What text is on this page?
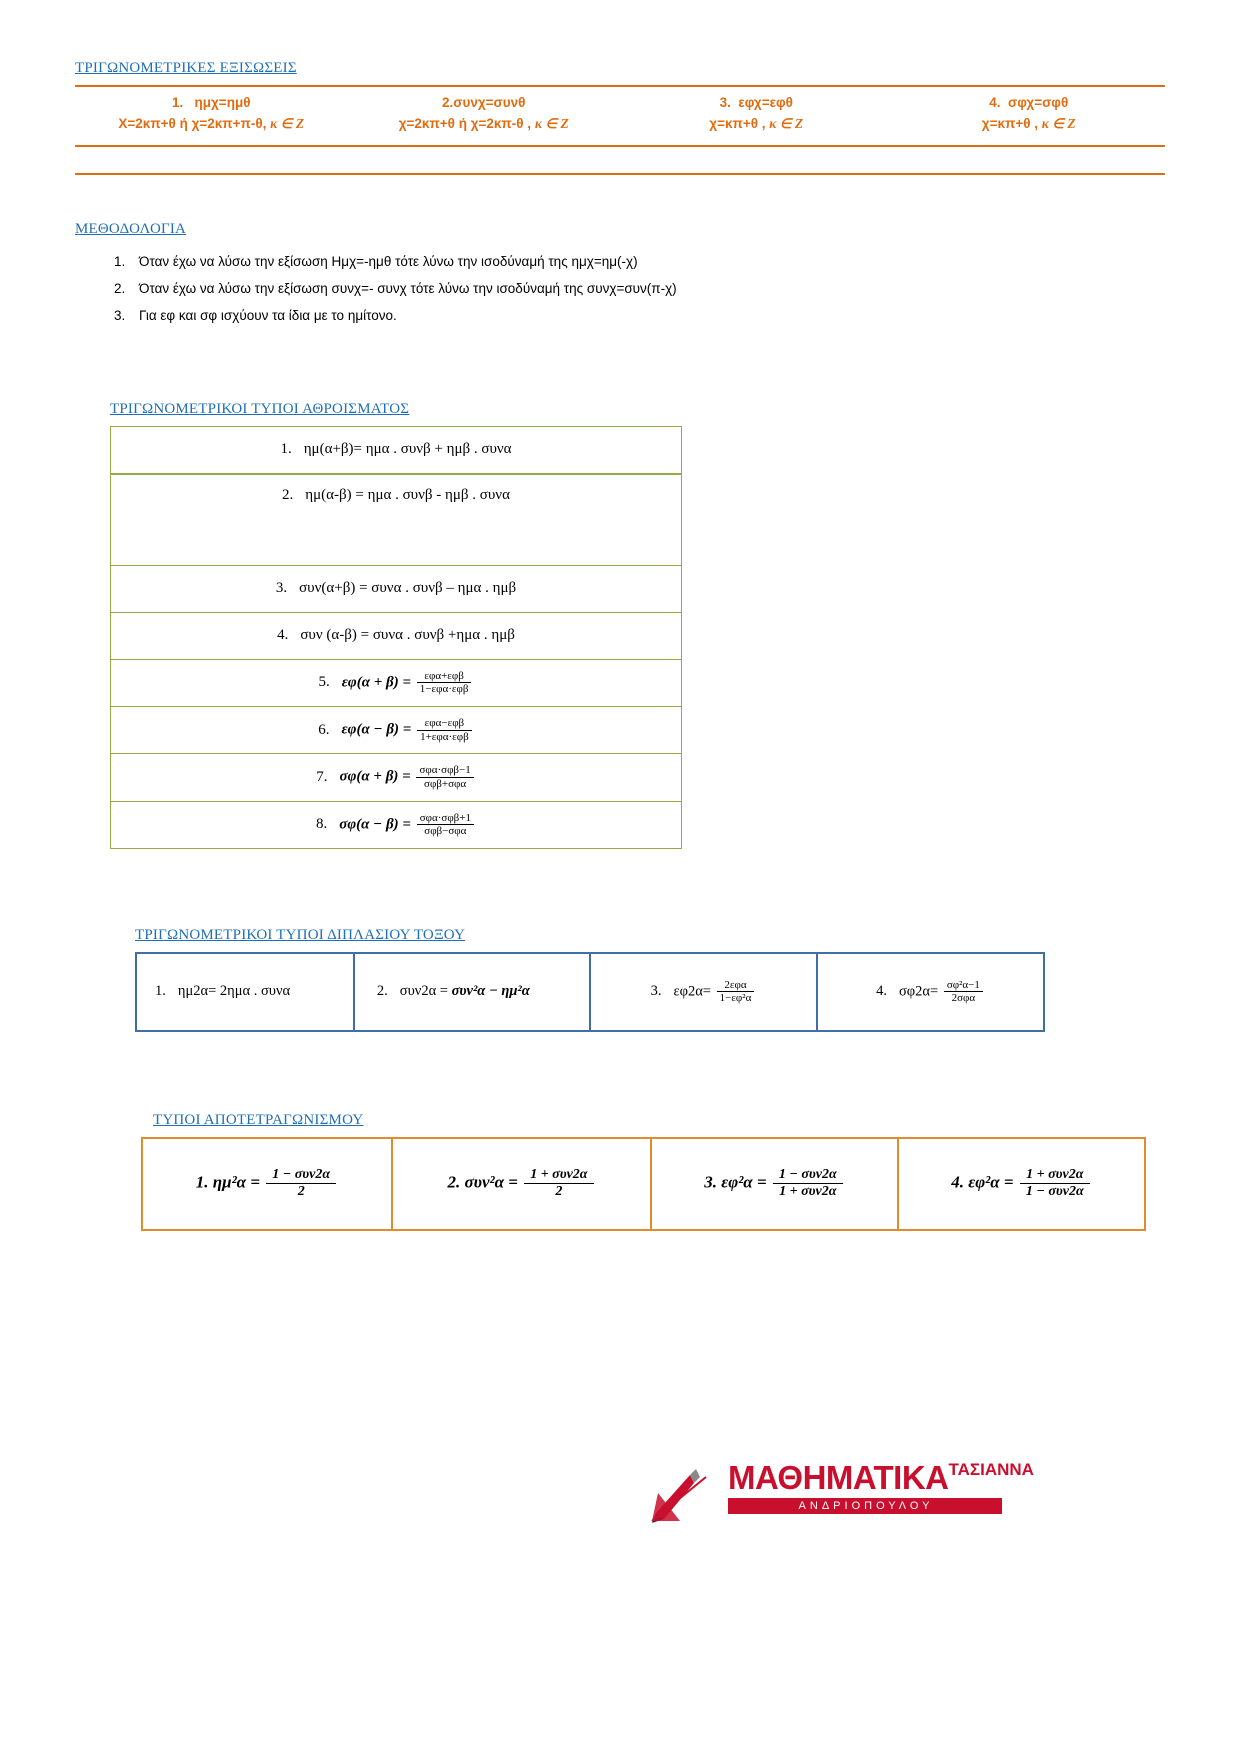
ΤΡΙΓΩΝΟΜΕΤΡΙΚΕΣ ΕΞΙΣΩΣΕΙΣ
1. ημχ=ημθ
Χ=2κπ+θ ή χ=2κπ+π-θ, κ ∈ Ζ
2.συνχ=συνθ
χ=2κπ+θ ή χ=2κπ-θ , κ ∈ Ζ
3. εφχ=εφθ
χ=κπ+θ , κ ∈ Ζ
4. σφχ=σφθ
χ=κπ+θ , κ ∈ Ζ
ΜΕΘΟΔΟΛΟΓΙΑ
1. Όταν έχω να λύσω την εξίσωση Ημχ=-ημθ τότε λύνω την ισοδύναμή της ημχ=ημ(-χ)
2. Όταν έχω να λύσω την εξίσωση συνχ=- συνχ τότε λύνω την ισοδύναμή της συνχ=συν(π-χ)
3. Για εφ και σφ ισχύουν τα ίδια με το ημίτονο.
ΤΡΙΓΩΝΟΜΕΤΡΙΚΟΙ ΤΥΠΟΙ ΑΘΡΟΙΣΜΑΤΟΣ
1. ημ(α+β)= ημα . συνβ + ημβ . συνα
2. ημ(α-β) = ημα . συνβ - ημβ . συνα
3. συν(α+β) = συνα . συνβ – ημα . ημβ
4. συν (α-β) = συνα . συνβ +ημα . ημβ
5. $\varepsilon\varphi(\alpha + \beta) = \frac{\text{εφα+εφβ}}{\text{1−εφα·εφβ}}$

6. $\varepsilon\varphi(\alpha - \beta) = \frac{\text{εφα−εφβ}}{\text{1+εφα·εφβ}}$

7. $\sigma\varphi(\alpha + \beta) = \frac{\text{σφα·σφβ−1}}{\text{σφβ+σφα}}$

8. $\sigma\varphi(\alpha - \beta) = \frac{\text{σφα·σφβ+1}}{\text{σφβ−σφα}}$
ΤΡΙΓΩΝΟΜΕΤΡΙΚΟΙ ΤΥΠΟΙ ΔΙΠΛΑΣΙΟΥ ΤΟΞΟΥ
1. ημ2α= 2ημα . συνα	2. συν2α = συν²α − ημ²α	3. $\varepsilon\varphi 2\alpha= \frac{\text{2εφα}}{\text{1−εφ²α}}$	4. $\sigma\varphi 2\alpha= \frac{\text{σφ²α−1}}{\text{2σφα}}$
ΤΥΠΟΙ ΑΠΟΤΕΤΡΑΓΩΝΙΣΜΟΥ
1. $\eta\mu^2\alpha = \frac{\text{1 − συν2α}}{2}$	2. $\sigma\upsilon\nu^2\alpha = \frac{\text{1 + συν2α}}{2}$	3. $\varepsilon\varphi^2\alpha = \frac{\text{1 − συν2α}}{\text{1 + συν2α}}$	4. $\varepsilon\varphi^2\alpha = \frac{\text{1 + συν2α}}{\text{1 − συν2α}}$
$MA\Theta HMATIKA^{TA\Sigma IANNA}$
ΑΝΔΡΙΟΠΟΥΛΟΥ
